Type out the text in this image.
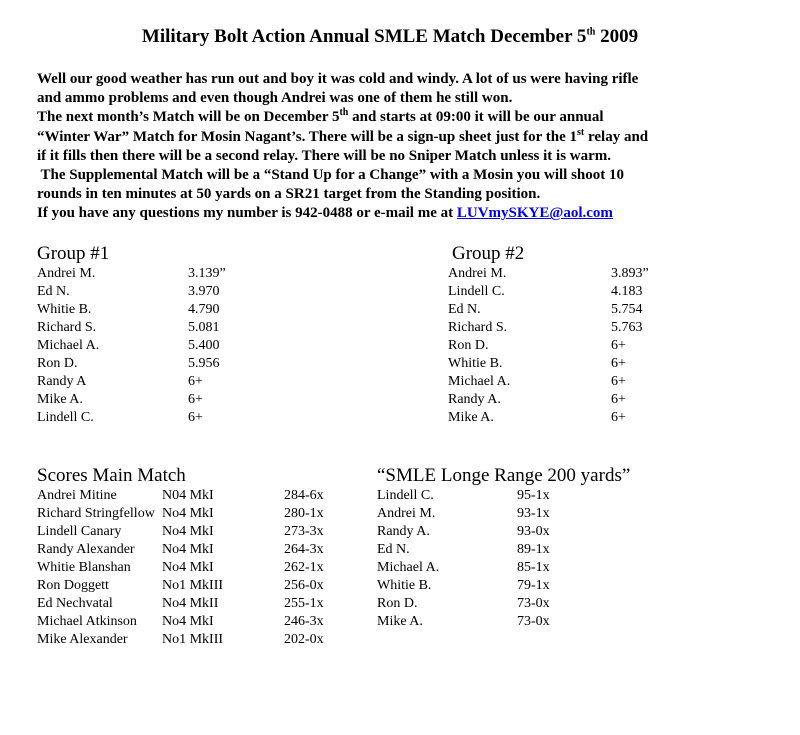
Military Bolt Action Annual SMLE Match December 5th 2009

Well our good weather has run out and boy it was cold and windy. A lot of us were having rifle

and ammo problems and even though Andrei was one of them he still won.

The next month’s Match will be on December 5th and starts at 09:00 it will be our annual

“Winter War” Match for Mosin Nagant’s. There will be a sign-up sheet just for the 1st relay and

if it fills then there will be a second relay. There will be no Sniper Match unless it is warm.

The Supplemental Match will be a “Stand Up for a Change” with a Mosin you will shoot 10

rounds in ten minutes at 50 yards on a SR21 target from the Standing position.

If you have any questions my number is 942-0488 or e-mail me at LUVmySKYE@aol.com

Group #1
Andrei M.	3.139”
Ed N.	3.970
Whitie B.	4.790
Richard S.	5.081
Michael A.	5.400
Ron D.	5.956
Randy A	6+
Mike A.	6+
Lindell C.	6+
Group #2
Andrei M.	3.893”
Lindell C.	4.183
Ed N.	5.754
Richard S.	5.763
Ron D.	6+
Whitie B.	6+
Michael A.	6+
Randy A.	6+
Mike A.	6+
Scores Main Match
Andrei Mitine	N04 MkI	284-6x
Richard Stringfellow No4 MkI	280-1x
Lindell Canary	No4 MkI	273-3x
Randy Alexander No4 MkI	264-3x
Whitie Blanshan No4 MkI	262-1x
Ron Doggett	No1 MkIII	256-0x
Ed Nechvatal	No4 MkII	255-1x
Michael Atkinson No4 MkI	246-3x
Mike Alexander No1 MkIII	202-0x
“SMLE Longe Range 200 yards”
Lindell C.	95-1x
Andrei M.	93-1x
Randy A.	93-0x
Ed N.	89-1x
Michael A.	85-1x
Whitie B.	79-1x
Ron D.	73-0x
Mike A.	73-0x
